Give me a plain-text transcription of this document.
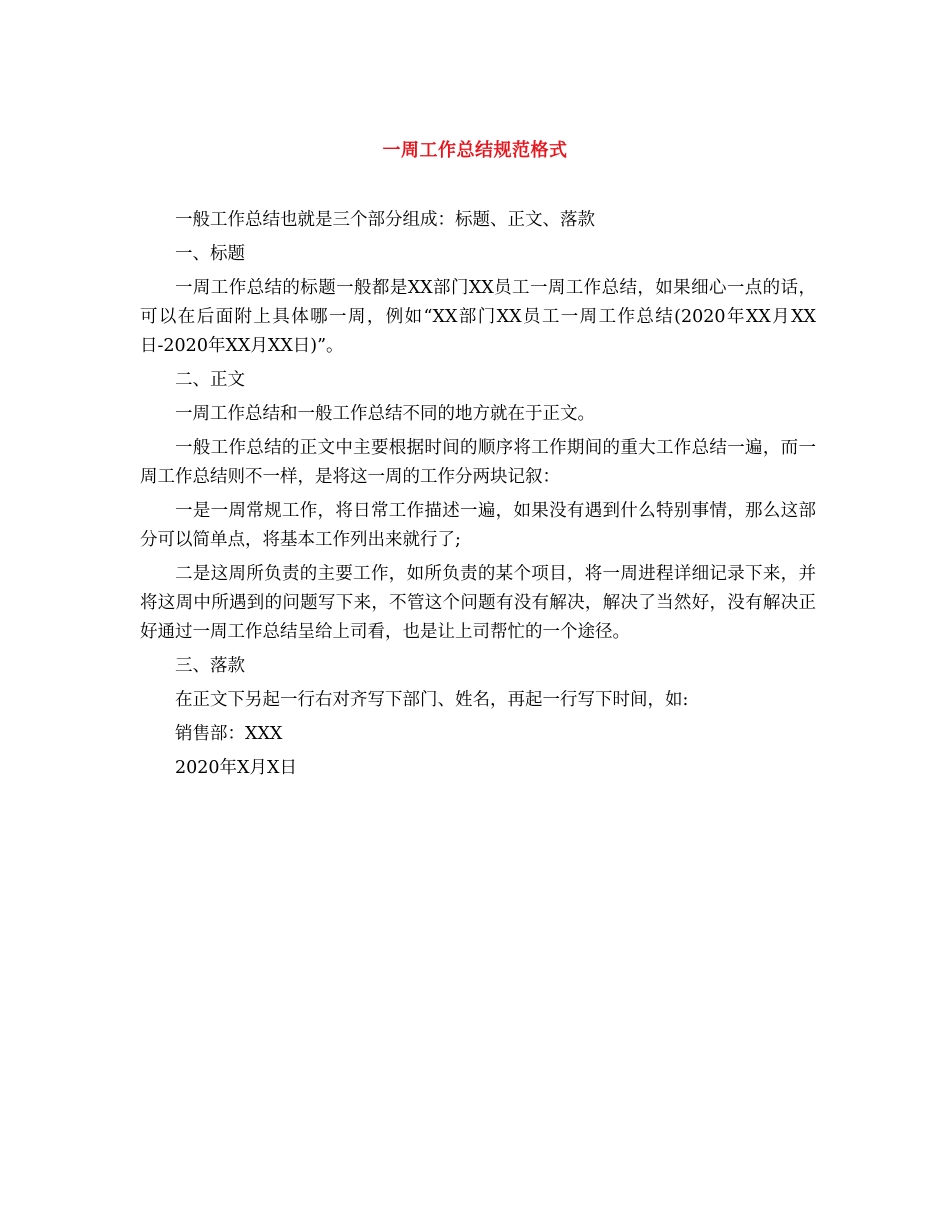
一周工作总结规范格式

一般工作总结也就是三个部分组成：标题、正文、落款

一、标题

一周工作总结的标题一般都是XX部门XX员工一周工作总结，如果细心一点的话，可以在后面附上具体哪一周，例如“XX部门XX员工一周工作总结(2020年XX月XX日-2020年XX月XX日)”。

二、正文

一周工作总结和一般工作总结不同的地方就在于正文。

一般工作总结的正文中主要根据时间的顺序将工作期间的重大工作总结一遍，而一周工作总结则不一样，是将这一周的工作分两块记叙：

一是一周常规工作，将日常工作描述一遍，如果没有遇到什么特别事情，那么这部分可以简单点，将基本工作列出来就行了;

二是这周所负责的主要工作，如所负责的某个项目，将一周进程详细记录下来，并将这周中所遇到的问题写下来，不管这个问题有没有解决，解决了当然好，没有解决正好通过一周工作总结呈给上司看，也是让上司帮忙的一个途径。

三、落款

在正文下另起一行右对齐写下部门、姓名，再起一行写下时间，如:

销售部：XXX

2020年X月X日
